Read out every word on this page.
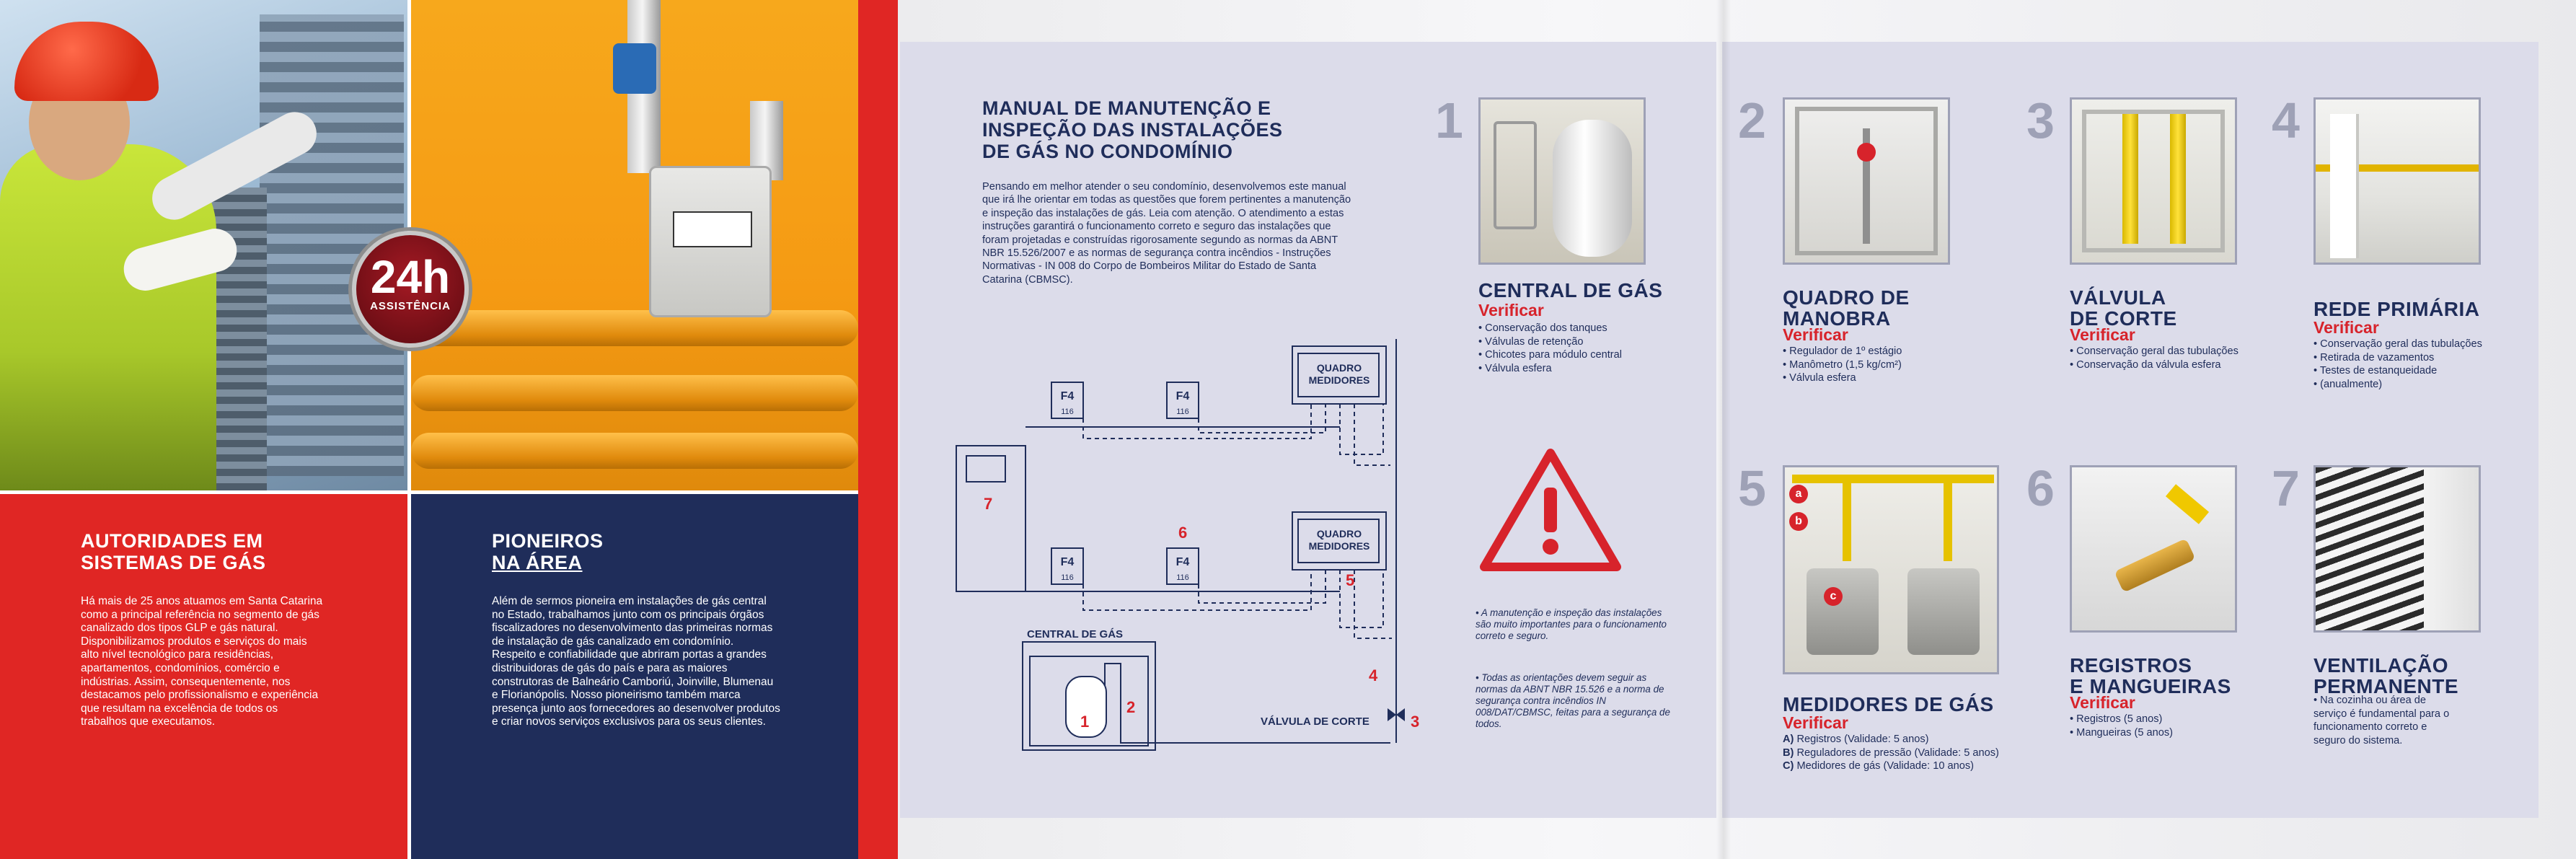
24h
ASSISTÊNCIA
AUTORIDADES EM
SISTEMAS DE GÁS
Há mais de 25 anos atuamos em Santa Catarina como a principal referência no segmento de gás canalizado dos tipos GLP e gás natural. Disponibilizamos produtos e serviços do mais alto nível tecnológico para residências, apartamentos, condomínios, comércio e indústrias. Assim, consequentemente, nos destacamos pelo profissionalismo e experiência que resultam na excelência de todos os trabalhos que executamos.
PIONEIROS
NA ÁREA
Além de sermos pioneira em instalações de gás central no Estado, trabalhamos junto com os principais órgãos fiscalizadores no desenvolvimento das primeiras normas de instalação de gás canalizado em condomínio. Respeito e confiabilidade que abriram portas a grandes distribuidoras de gás do país e para as maiores construtoras de Balneário Camboriú, Joinville, Blumenau e Florianópolis. Nosso pioneirismo também marca presença junto aos fornecedores ao desenvolver produtos e criar novos serviços exclusivos para os seus clientes.
MANUAL DE MANUTENÇÃO E
INSPEÇÃO DAS INSTALAÇÕES
DE GÁS NO CONDOMÍNIO
Pensando em melhor atender o seu condomínio, desenvolvemos este manual que irá lhe orientar em todas as questões que forem pertinentes a manutenção e inspeção das instalações de gás. Leia com atenção. O atendimento a estas instruções garantirá o funcionamento correto e seguro das instalações que foram projetadas e construídas rigorosamente segundo as normas da ABNT NBR 15.526/2007 e as normas de segurança contra incêndios - Instruções Normativas - IN 008 do Corpo de Bombeiros Militar do Estado de Santa Catarina (CBMSC).
QUADRO
MEDIDORES
QUADRO
MEDIDORES
F4
116
F4
116
F4
116
F4
116
CENTRAL DE GÁS
VÁLVULA DE CORTE
1
2
3
4
5
6
7
• A manutenção e inspeção das instalações são muito importantes para o funcionamento correto e seguro.
• Todas as orientações devem seguir as normas da ABNT NBR 15.526 e a norma de segurança contra incêndios IN 008/DAT/CBMSC, feitas para a segurança de todos.
1
CENTRAL DE GÁS
Verificar
• Conservação dos tanques
• Válvulas de retenção
• Chicotes para módulo central
• Válvula esfera
2
QUADRO DE
MANOBRA
Verificar
• Regulador de 1º estágio
• Manômetro (1,5 kg/cm²)
• Válvula esfera
3
VÁLVULA
DE CORTE
Verificar
• Conservação geral das tubulações
• Conservação da válvula esfera
4
REDE PRIMÁRIA
Verificar
• Conservação geral das tubulações
• Retirada de vazamentos
• Testes de estanqueidade
• (anualmente)
5	a
b
c
MEDIDORES DE GÁS
Verificar
A) Registros (Validade: 5 anos)
B) Reguladores de pressão (Validade: 5 anos)
C) Medidores de gás (Validade: 10 anos)
6
REGISTROS
E MANGUEIRAS
Verificar
• Registros (5 anos)
• Mangueiras (5 anos)
7
VENTILAÇÃO
PERMANENTE
• Na cozinha ou área de serviço é fundamental para o funcionamento correto e seguro do sistema.
